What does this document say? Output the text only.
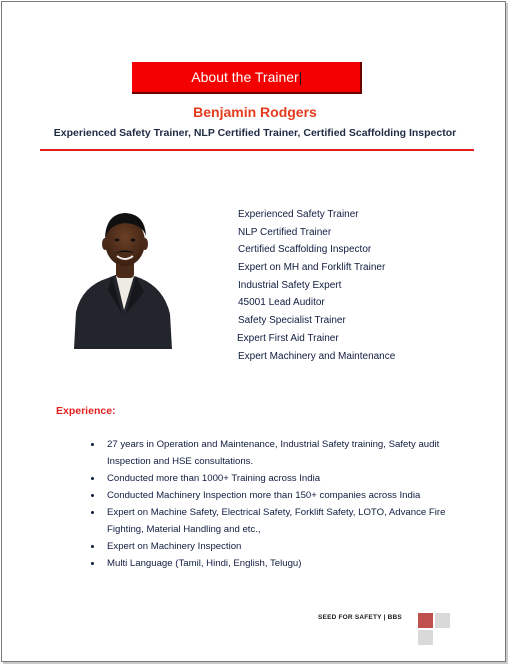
About the Trainer
Benjamin Rodgers
Experienced Safety Trainer, NLP Certified Trainer, Certified Scaffolding Inspector
Experienced Safety Trainer
NLP Certified Trainer
Certified Scaffolding Inspector
Expert on MH and Forklift Trainer
Industrial Safety Expert
45001 Lead Auditor
Safety Specialist Trainer
Expert First Aid Trainer
Expert Machinery and Maintenance
Experience:
27 years in Operation and Maintenance, Industrial Safety training, Safety audit Inspection and HSE consultations.
Conducted more than 1000+ Training across India
Conducted Machinery Inspection more than 150+ companies across India
Expert on Machine Safety, Electrical Safety, Forklift Safety, LOTO, Advance Fire Fighting, Material Handling and etc.,
Expert on Machinery Inspection
Multi Language (Tamil, Hindi, English, Telugu)
SEED FOR SAFETY | BBS
